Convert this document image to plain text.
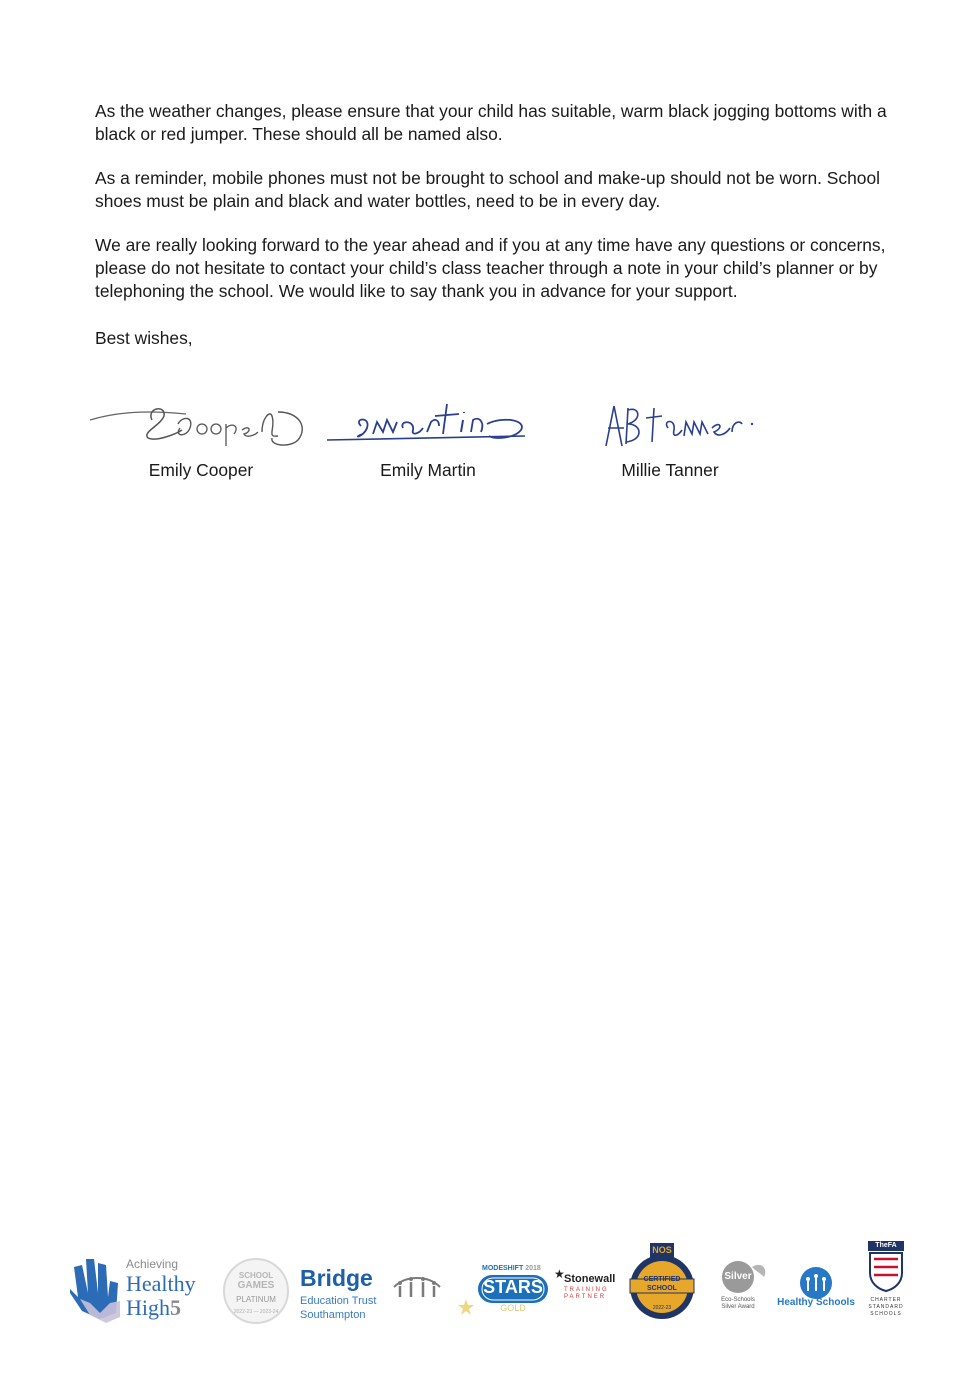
As the weather changes, please ensure that your child has suitable, warm black jogging bottoms with a black or red jumper. These should all be named also.

As a reminder, mobile phones must not be brought to school and make-up should not be worn. School shoes must be plain and black and water bottles, need to be in every day.

We are really looking forward to the year ahead and if you at any time have any questions or concerns, please do not hesitate to contact your child’s class teacher through a note in your child’s planner or by telephoning the school. We would like to say thank you in advance for your support.

Best wishes,

Emily Cooper	Emily Martin	Millie Tanner
Achieving
Healthy
High5
SCHOOL
GAMES
PLATINUM
2022-23 — 2023-24
Bridge
Education Trust
Southampton
MODESHIFT 2018
STARS
GOLD
★ Stonewall
TRAINING
PARTNER
NOS
CERTIFIED
SCHOOL
2022-23
Silver
Eco-Schools
Silver Award	Healthy Schools
TheFA
CHARTER
STANDARD
SCHOOLS
